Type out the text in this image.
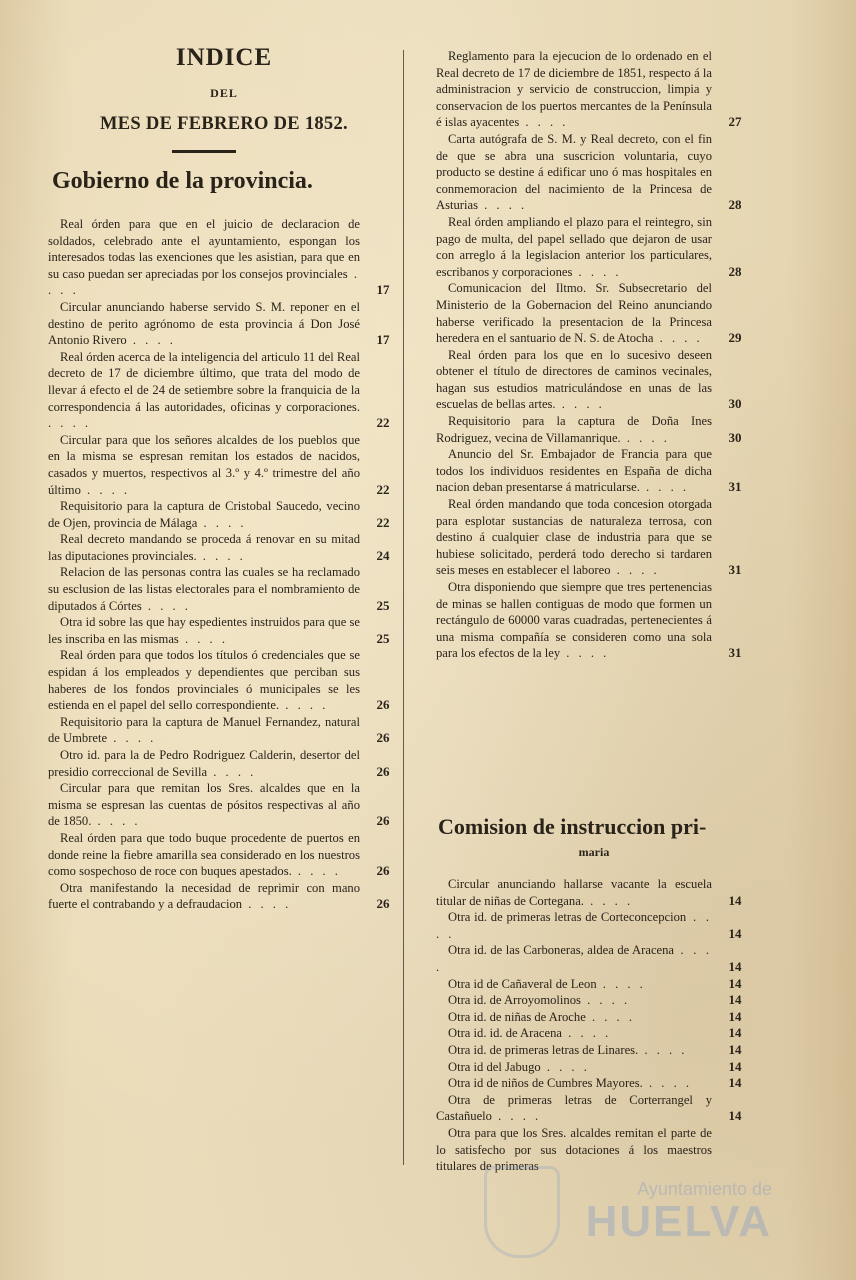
INDICE
DEL
MES DE FEBRERO DE 1852.
Gobierno de la provincia.
Real órden para que en el juicio de declaracion de soldados, celebrado ante el ayuntamiento, espongan los interesados todas las exenciones que les asistian, para que en su caso puedan ser apreciadas por los consejos provinciales . . . .	17
Circular anunciando haberse servido S. M. reponer en el destino de perito agrónomo de esta provincia á Don José Antonio Rivero . . . .	17
Real órden acerca de la inteligencia del articulo 11 del Real decreto de 17 de diciembre último, que trata del modo de llevar á efecto el de 24 de setiembre sobre la franquicia de la correspondencia á las autoridades, oficinas y corporaciones. . . . .	22
Circular para que los señores alcaldes de los pueblos que en la misma se espresan remitan los estados de nacidos, casados y muertos, respectivos al 3.º y 4.º trimestre del año último . . . .	22
Requisitorio para la captura de Cristobal Saucedo, vecino de Ojen, provincia de Málaga . . . .	22
Real decreto mandando se proceda á renovar en su mitad las diputaciones provinciales. . . . .	24
Relacion de las personas contra las cuales se ha reclamado su esclusion de las listas electorales para el nombramiento de diputados á Córtes . . . .	25
Otra id sobre las que hay espedientes instruidos para que se les inscriba en las mismas . . . .	25
Real órden para que todos los títulos ó credenciales que se espidan á los empleados y dependientes que perciban sus haberes de los fondos provinciales ó municipales se les estienda en el papel del sello correspondiente. . . . .	26
Requisitorio para la captura de Manuel Fernandez, natural de Umbrete . . . .	26
Otro id. para la de Pedro Rodriguez Calderin, desertor del presidio correccional de Sevilla . . . .	26
Circular para que remitan los Sres. alcaldes que en la misma se espresan las cuentas de pósitos respectivas al año de 1850. . . . .	26
Real órden para que todo buque procedente de puertos en donde reine la fiebre amarilla sea considerado en los nuestros como sospechoso de roce con buques apestados. . . . .	26
Otra manifestando la necesidad de reprimir con mano fuerte el contrabando y a defraudacion . . . .	26
Reglamento para la ejecucion de lo ordenado en el Real decreto de 17 de diciembre de 1851, respecto á la administracion y servicio de construccion, limpia y conservacion de los puertos mercantes de la Península é islas ayacentes . . . .	27
Carta autógrafa de S. M. y Real decreto, con el fin de que se abra una suscricion voluntaria, cuyo producto se destine á edificar uno ó mas hospitales en conmemoracion del nacimiento de la Princesa de Asturias . . . .	28
Real órden ampliando el plazo para el reintegro, sin pago de multa, del papel sellado que dejaron de usar con arreglo á la legislacion anterior los particulares, escribanos y corporaciones . . . .	28
Comunicacion del Iltmo. Sr. Subsecretario del Ministerio de la Gobernacion del Reino anunciando haberse verificado la presentacion de la Princesa heredera en el santuario de N. S. de Atocha . . . .	29
Real órden para los que en lo sucesivo deseen obtener el título de directores de caminos vecinales, hagan sus estudios matriculándose en unas de las escuelas de bellas artes. . . . .	30
Requisitorio para la captura de Doña Ines Rodriguez, vecina de Villamanrique. . . . .	30
Anuncio del Sr. Embajador de Francia para que todos los individuos residentes en España de dicha nacion deban presentarse á matricularse. . . . .	31
Real órden mandando que toda concesion otorgada para esplotar sustancias de naturaleza terrosa, con destino á cualquier clase de industria para que se hubiese solicitado, perderá todo derecho si tardaren seis meses en establecer el laboreo . . . .	31
Otra disponiendo que siempre que tres pertenencias de minas se hallen contiguas de modo que formen un rectángulo de 60000 varas cuadradas, pertenecientes á una misma compañía se consideren como una sola para los efectos de la ley . . . .	31
Comision de instruccion pri-
maria
Circular anunciando hallarse vacante la escuela titular de niñas de Cortegana. . . . .	14
Otra id. de primeras letras de Corteconcepcion . . . .	14
Otra id. de las Carboneras, aldea de Aracena . . . .	14
Otra id de Cañaveral de Leon . . . .	14
Otra id. de Arroyomolinos . . . .	14
Otra id. de niñas de Aroche . . . .	14
Otra id. id. de Aracena . . . .	14
Otra id. de primeras letras de Linares. . . . .	14
Otra id del Jabugo . . . .	14
Otra id de niños de Cumbres Mayores. . . . .	14
Otra de primeras letras de Corterrangel y Castañuelo . . . .	14
Otra para que los Sres. alcaldes remitan el parte de lo satisfecho por sus dotaciones á los maestros titulares de primeras
Ayuntamiento de
HUELVA
